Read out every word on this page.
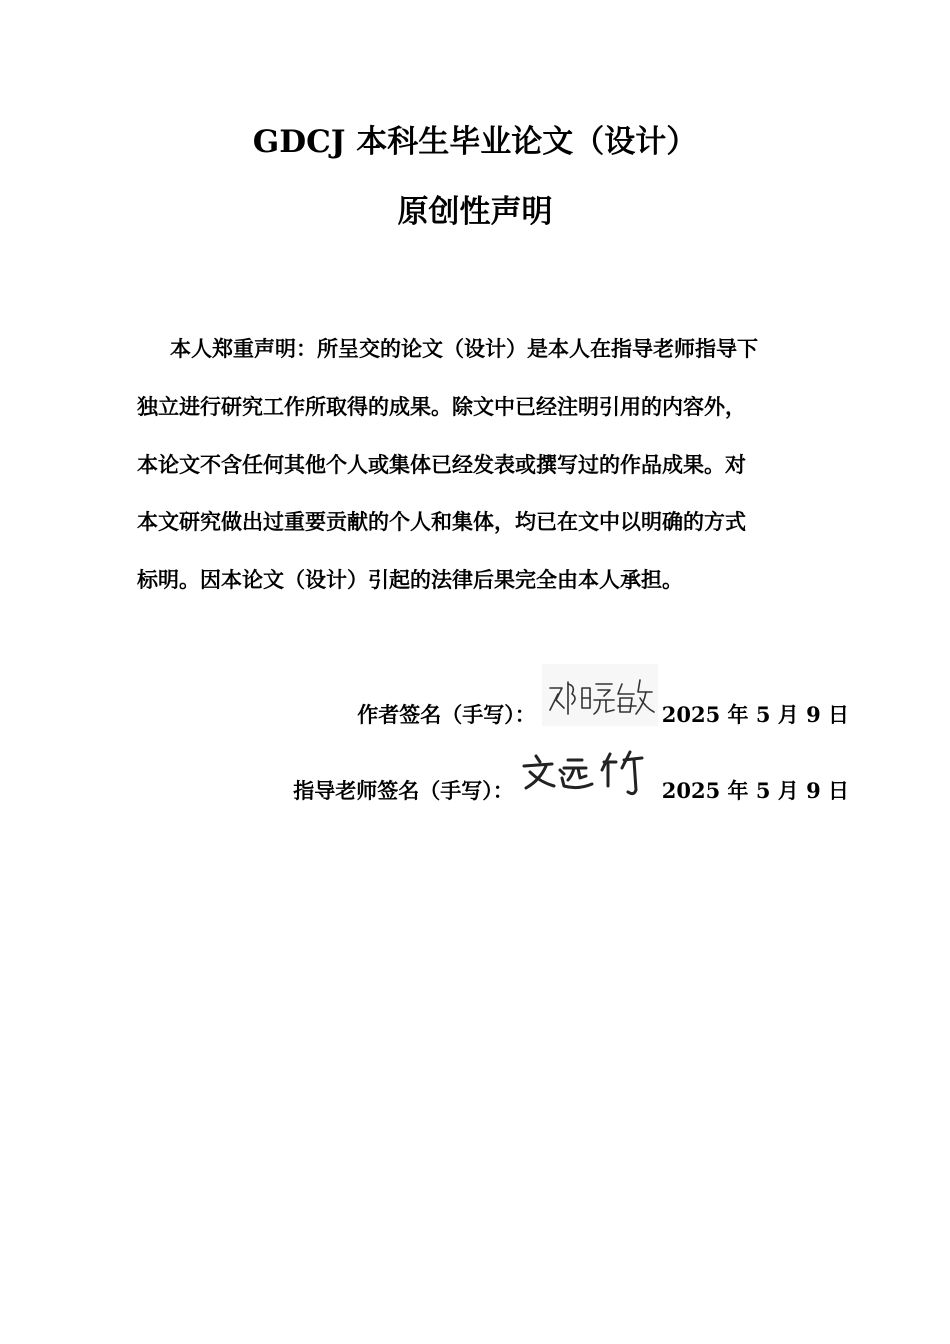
GDCJ 本科生毕业论文（设计）
原创性声明
本人郑重声明：所呈交的论文（设计）是本人在指导老师指导下
独立进行研究工作所取得的成果。除文中已经注明引用的内容外，
本论文不含任何其他个人或集体已经发表或撰写过的作品成果。对
本文研究做出过重要贡献的个人和集体，均已在文中以明确的方式
标明。因本论文（设计）引起的法律后果完全由本人承担。
作者签名（手写）：	2025 年 5 月 9 日
指导老师签名（手写）：	2025 年 5 月 9 日
